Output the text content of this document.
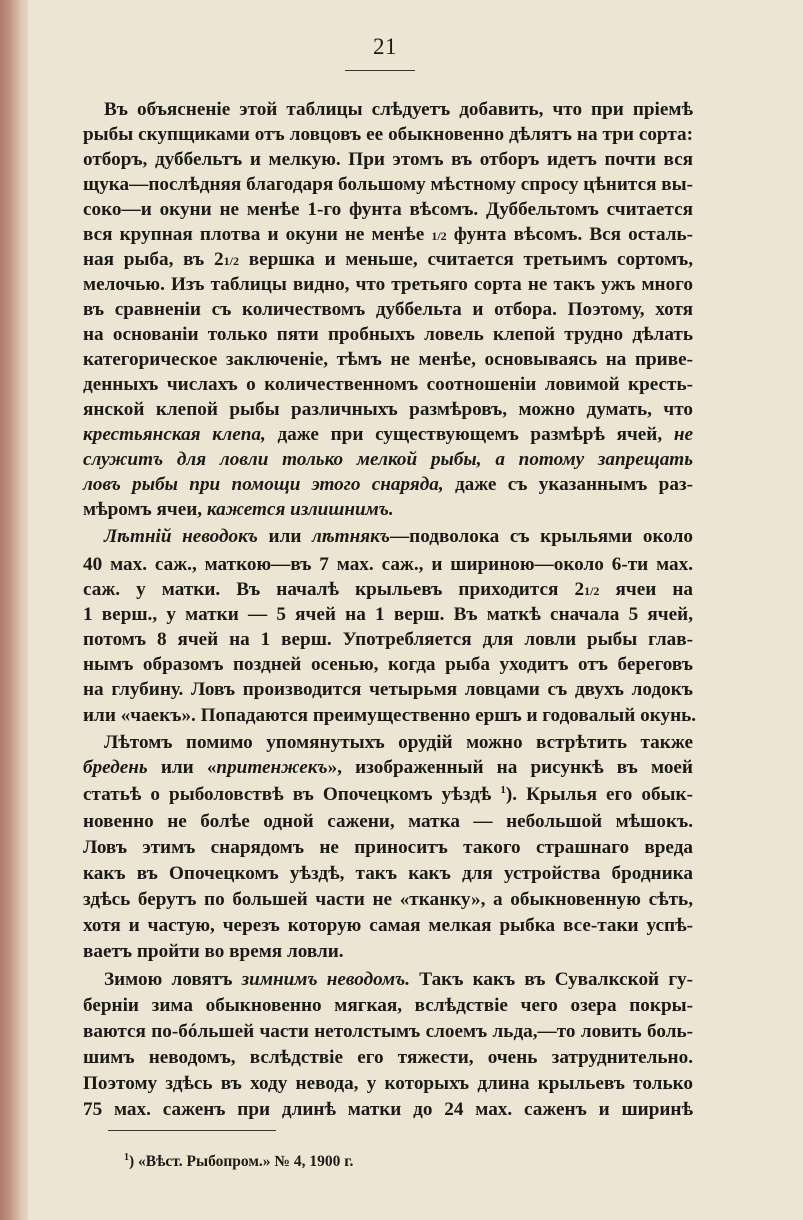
21
Въ объясненіе этой таблицы слѣдуетъ добавить, что при пріемѣ
рыбы скупщиками отъ ловцовъ ее обыкновенно дѣлятъ на три сорта:
отборъ, дуббельтъ и мелкую. При этомъ въ отборъ идетъ почти вся
щука—послѣдняя благодаря большому мѣстному спросу цѣнится вы-
соко—и окуни не менѣе 1-го фунта вѣсомъ. Дуббельтомъ считается
вся крупная плотва и окуни не менѣе 1/2 фунта вѣсомъ. Вся осталь-
ная рыба, въ 21/2 вершка и меньше, считается третьимъ сортомъ,
мелочью. Изъ таблицы видно, что третьяго сорта не такъ ужъ много
въ сравненіи съ количествомъ дуббельта и отбора. Поэтому, хотя
на основаніи только пяти пробныхъ ловель клепой трудно дѣлать
категорическое заключеніе, тѣмъ не менѣе, основываясь на приве-
денныхъ числахъ о количественномъ соотношеніи ловимой кресть-
янской клепой рыбы различныхъ размѣровъ, можно думать, что
крестьянская клепа, даже при существующемъ размѣрѣ ячей, не
служитъ для ловли только мелкой рыбы, а потому запрещать
ловъ рыбы при помощи этого снаряда, даже съ указаннымъ раз-
мѣромъ ячеи, кажется излишнимъ.
Лѣтній неводокъ или лѣтнякъ—подволока съ крыльями около
40 мах. саж., маткою—въ 7 мах. саж., и шириною—около 6-ти мах.
саж. у матки. Въ началѣ крыльевъ приходится 21/2 ячеи на
1 верш., у матки — 5 ячей на 1 верш. Въ маткѣ сначала 5 ячей,
потомъ 8 ячей на 1 верш. Употребляется для ловли рыбы глав-
нымъ образомъ поздней осенью, когда рыба уходитъ отъ береговъ
на глубину. Ловъ производится четырьмя ловцами съ двухъ лодокъ
или «чаекъ». Попадаются преимущественно ершъ и годовалый окунь.
Лѣтомъ помимо упомянутыхъ орудій можно встрѣтить также
бредень или «притенжекъ», изображенный на рисункѣ въ моей
статьѣ о рыболовствѣ въ Опочецкомъ уѣздѣ $^1$). Крылья его обык-
новенно не болѣе одной сажени, матка — небольшой мѣшокъ.
Ловъ этимъ снарядомъ не приноситъ такого страшнаго вреда
какъ въ Опочецкомъ уѣздѣ, такъ какъ для устройства бродника
здѣсь берутъ по большей части не «тканку», а обыкновенную сѣть,
хотя и частую, черезъ которую самая мелкая рыбка все-таки успѣ-
ваетъ пройти во время ловли.
Зимою ловятъ зимнимъ неводомъ. Такъ какъ въ Сувалкской гу-
берніи зима обыкновенно мягкая, вслѣдствіе чего озера покры-
ваются по-бóльшей части нетолстымъ слоемъ льда,—то ловить боль-
шимъ неводомъ, вслѣдствіе его тяжести, очень затруднительно.
Поэтому здѣсь въ ходу невода, у которыхъ длина крыльевъ только
75 мах. саженъ при длинѣ матки до 24 мах. саженъ и ширинѣ
$^1$) «Вѣст. Рыбопром.» № 4, 1900 г.
